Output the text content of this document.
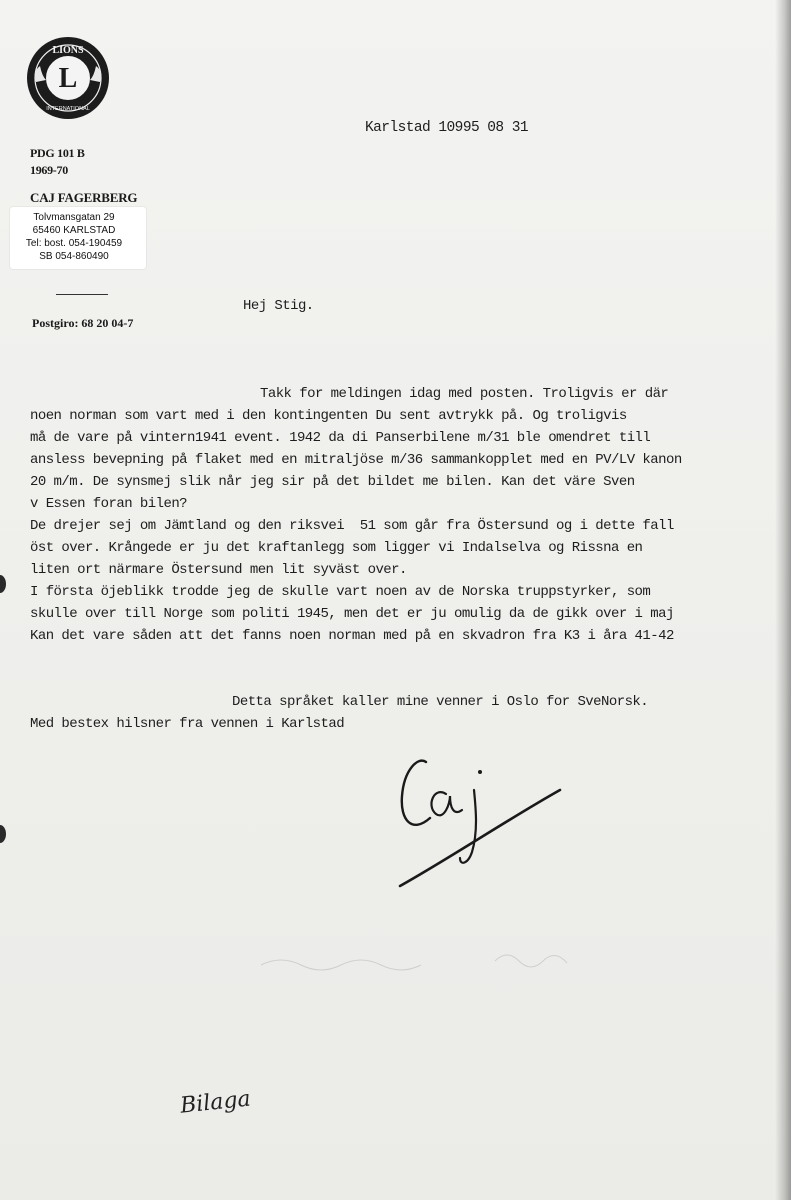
LIONS
L
INTERNATIONAL
PDG 101 B
1969-70
CAJ FAGERBERG
Tolvmansgatan 29
65460 KARLSTAD
Tel: bost. 054-190459
SB 054-860490
Postgiro: 68 20 04-7
Karlstad 10995 08 31
Hej Stig.
Takk for meldingen idag med posten. Troligvis er där
noen norman som vart med i den kontingenten Du sent avtrykk på. Og troligvis
må de vare på vintern1941 event. 1942 da di Panserbilene m/31 ble omendret till
ansless bevepning på flaket med en mitraljöse m/36 sammankopplet med en PV/LV kanon
20 m/m. De synsmej slik når jeg sir på det bildet me bilen. Kan det väre Sven
v Essen foran bilen?
De drejer sej om Jämtland og den riksvei  51 som går fra Östersund og i dette fall
öst over. Krångede er ju det kraftanlegg som ligger vi Indalselva og Rissna en
liten ort närmare Östersund men lit syväst over.
I första öjeblikk trodde jeg de skulle vart noen av de Norska truppstyrker, som
skulle over till Norge som politi 1945, men det er ju omulig da de gikk over i maj
Kan det vare såden att det fanns noen norman med på en skvadron fra K3 i åra 41-42
Detta språket kaller mine venner i Oslo for SveNorsk.
Med bestex hilsner fra vennen i Karlstad
Bilaga
